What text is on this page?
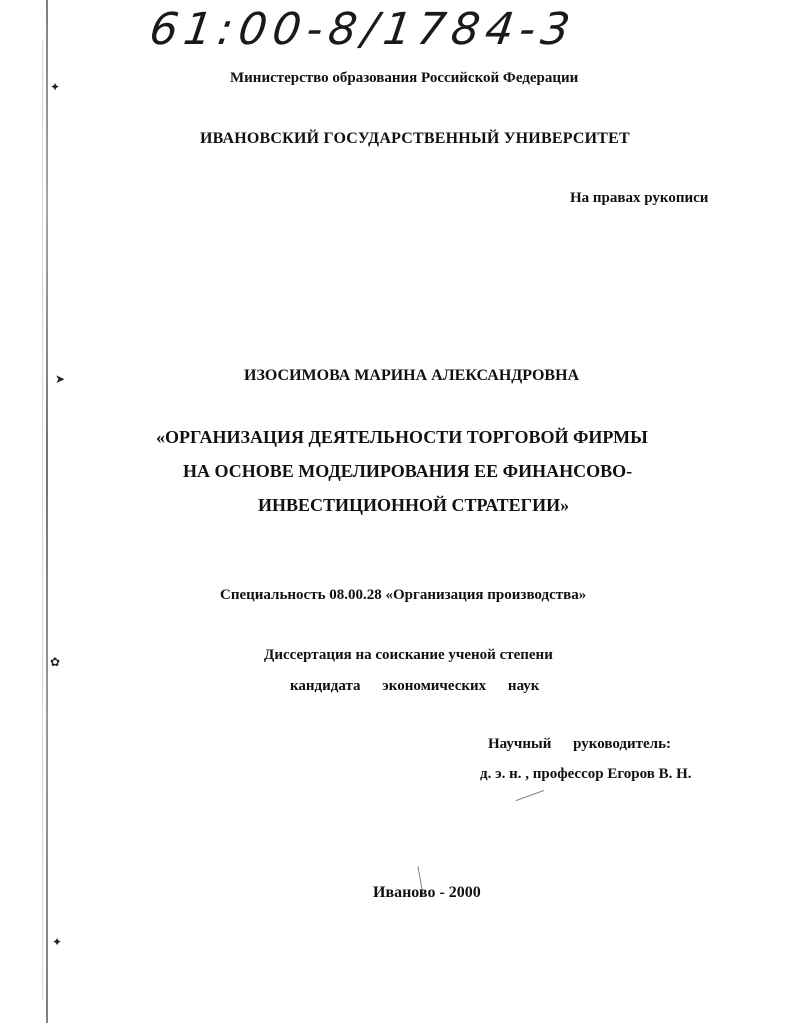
✦
➤
✿
✦
61:00-8/1784-3
Министерство образования Российской Федерации
ИВАНОВСКИЙ ГОСУДАРСТВЕННЫЙ УНИВЕРСИТЕТ
На правах рукописи
ИЗОСИМОВА МАРИНА АЛЕКСАНДРОВНА
«ОРГАНИЗАЦИЯ ДЕЯТЕЛЬНОСТИ ТОРГОВОЙ ФИРМЫ
НА ОСНОВЕ МОДЕЛИРОВАНИЯ ЕЕ ФИНАНСОВО-
ИНВЕСТИЦИОННОЙ СТРАТЕГИИ»
Специальность 08.00.28 «Организация производства»
Диссертация на соискание ученой степени
кандидата экономических наук
Научный руководитель:
д. э. н. , профессор Егоров В. Н.
Иваново - 2000
